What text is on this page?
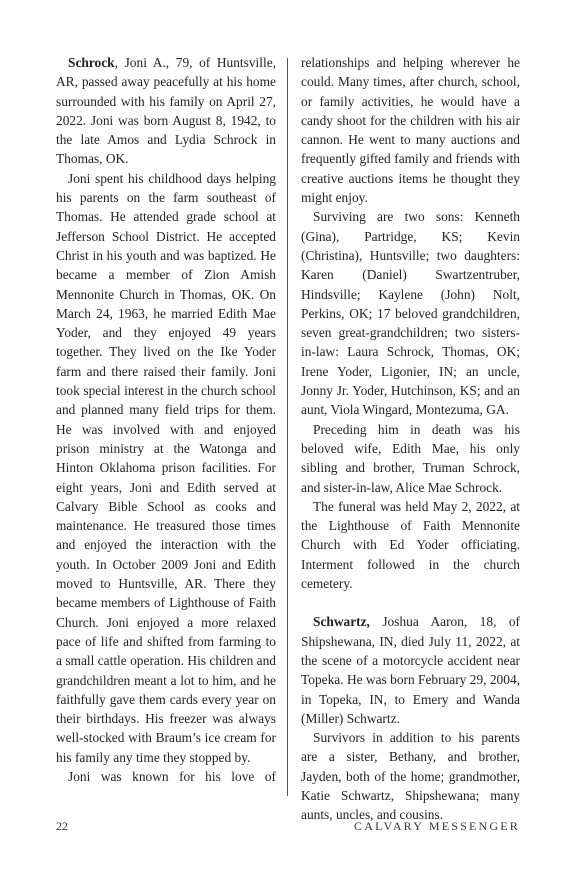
Schrock, Joni A., 79, of Huntsville, AR, passed away peacefully at his home surrounded with his family on April 27, 2022. Joni was born August 8, 1942, to the late Amos and Lydia Schrock in Thomas, OK.

Joni spent his childhood days helping his parents on the farm southeast of Thomas. He attended grade school at Jefferson School District. He accepted Christ in his youth and was baptized. He became a member of Zion Amish Mennonite Church in Thomas, OK. On March 24, 1963, he married Edith Mae Yoder, and they enjoyed 49 years together. They lived on the Ike Yoder farm and there raised their family. Joni took special interest in the church school and planned many field trips for them. He was involved with and enjoyed prison ministry at the Watonga and Hinton Oklahoma prison facilities. For eight years, Joni and Edith served at Calvary Bible School as cooks and maintenance. He treasured those times and enjoyed the interaction with the youth. In October 2009 Joni and Edith moved to Huntsville, AR. There they became members of Lighthouse of Faith Church. Joni enjoyed a more relaxed pace of life and shifted from farming to a small cattle operation. His children and grandchildren meant a lot to him, and he faithfully gave them cards every year on their birthdays. His freezer was always well-stocked with Braum’s ice cream for his family any time they stopped by.

Joni was known for his love of

relationships and helping wherever he could. Many times, after church, school, or family activities, he would have a candy shoot for the children with his air cannon. He went to many auctions and frequently gifted family and friends with creative auctions items he thought they might enjoy.

Surviving are two sons: Kenneth (Gina), Partridge, KS; Kevin (Christina), Huntsville; two daughters: Karen (Daniel) Swartzentruber, Hindsville; Kaylene (John) Nolt, Perkins, OK; 17 beloved grandchildren, seven great-grandchildren; two sisters-in-law: Laura Schrock, Thomas, OK; Irene Yoder, Ligonier, IN; an uncle, Jonny Jr. Yoder, Hutchinson, KS; and an aunt, Viola Wingard, Montezuma, GA.

Preceding him in death was his beloved wife, Edith Mae, his only sibling and brother, Truman Schrock, and sister-in-law, Alice Mae Schrock.

The funeral was held May 2, 2022, at the Lighthouse of Faith Mennonite Church with Ed Yoder officiating. Interment followed in the church cemetery.

Schwartz, Joshua Aaron, 18, of Shipshewana, IN, died July 11, 2022, at the scene of a motorcycle accident near Topeka. He was born February 29, 2004, in Topeka, IN, to Emery and Wanda (Miller) Schwartz.

Survivors in addition to his parents are a sister, Bethany, and brother, Jayden, both of the home; grandmother, Katie Schwartz, Shipshewana; many aunts, uncles, and cousins.

22	CALVARY MESSENGER
